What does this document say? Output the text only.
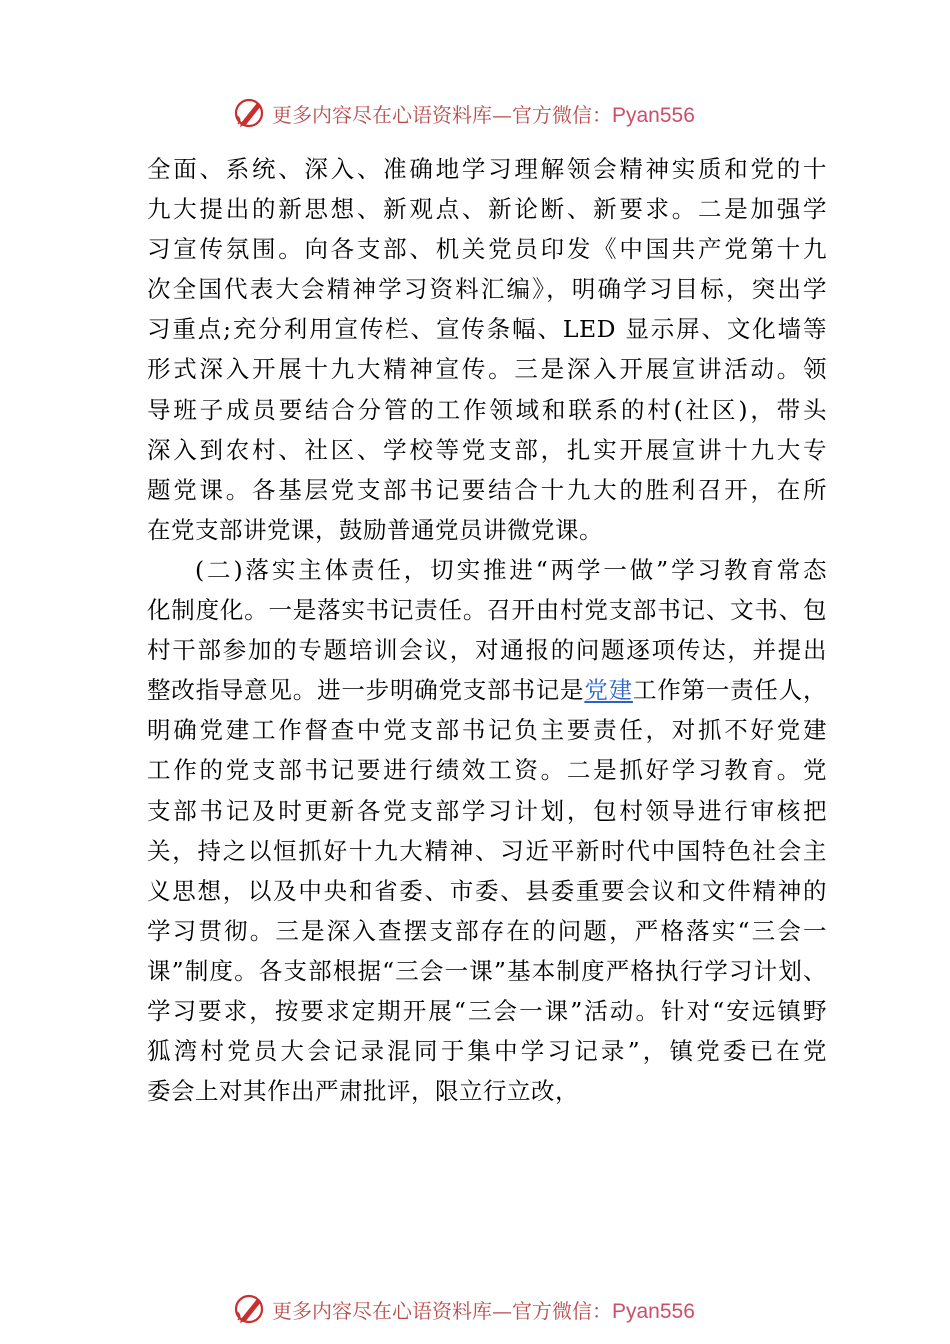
更多内容尽在心语资料库—官方微信：Pyan556
全面、系统、深入、准确地学习理解领会精神实质和党的十
九大提出的新思想、新观点、新论断、新要求。二是加强学
习宣传氛围。向各支部、机关党员印发《中国共产党第十九
次全国代表大会精神学习资料汇编》，明确学习目标，突出学
习重点;充分利用宣传栏、宣传条幅、LED 显示屏、文化墙等
形式深入开展十九大精神宣传。三是深入开展宣讲活动。领
导班子成员要结合分管的工作领域和联系的村(社区)，带头
深入到农村、社区、学校等党支部，扎实开展宣讲十九大专
题党课。各基层党支部书记要结合十九大的胜利召开，在所
在党支部讲党课，鼓励普通党员讲微党课。
(二)落实主体责任，切实推进“两学一做”学习教育常态
化制度化。一是落实书记责任。召开由村党支部书记、文书、包
村干部参加的专题培训会议，对通报的问题逐项传达，并提出
整改指导意见。进一步明确党支部书记是党建工作第一责任人，
明确党建工作督查中党支部书记负主要责任，对抓不好党建
工作的党支部书记要进行绩效工资。二是抓好学习教育。党
支部书记及时更新各党支部学习计划，包村领导进行审核把
关，持之以恒抓好十九大精神、习近平新时代中国特色社会主
义思想，以及中央和省委、市委、县委重要会议和文件精神的
学习贯彻。三是深入查摆支部存在的问题，严格落实“三会一
课”制度。各支部根据“三会一课”基本制度严格执行学习计划、
学习要求，按要求定期开展“三会一课”活动。针对“安远镇野
狐湾村党员大会记录混同于集中学习记录”，镇党委已在党
委会上对其作出严肃批评，限立行立改，
更多内容尽在心语资料库—官方微信：Pyan556
